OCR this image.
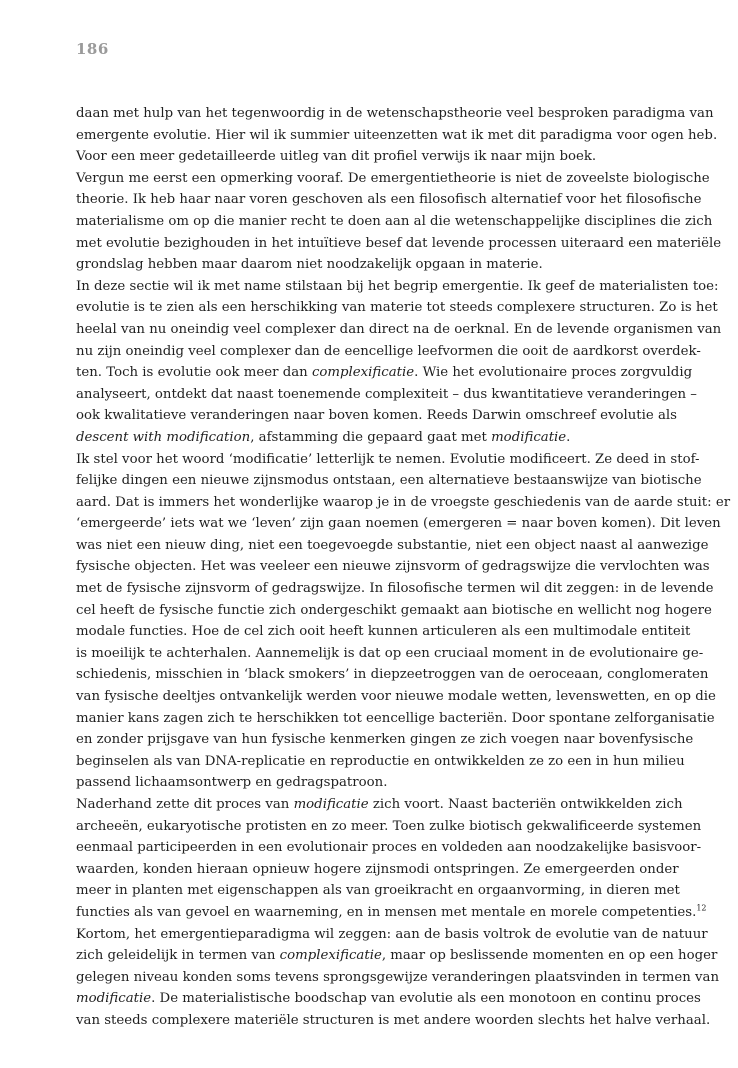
186
daan met hulp van het tegenwoordig in de wetenschapstheorie veel besproken paradigma van
emergente evolutie. Hier wil ik summier uiteenzetten wat ik met dit paradigma voor ogen heb.
Voor een meer gedetailleerde uitleg van dit profiel verwijs ik naar mijn boek.
Vergun me eerst een opmerking vooraf. De emergentietheorie is niet de zoveelste biologische
theorie. Ik heb haar naar voren geschoven als een filosofisch alternatief voor het filosofische
materialisme om op die manier recht te doen aan al die wetenschappelijke disciplines die zich
met evolutie bezighouden in het intuïtieve besef dat levende processen uiteraard een materiële
grondslag hebben maar daarom niet noodzakelijk opgaan in materie.
In deze sectie wil ik met name stilstaan bij het begrip emergentie. Ik geef de materialisten toe:
evolutie is te zien als een herschikking van materie tot steeds complexere structuren. Zo is het
heelal van nu oneindig veel complexer dan direct na de oerknal. En de levende organismen van
nu zijn oneindig veel complexer dan de eencellige leefvormen die ooit de aardkorst overdek-
ten. Toch is evolutie ook meer dan complexificatie. Wie het evolutionaire proces zorgvuldig
analyseert, ontdekt dat naast toenemende complexiteit – dus kwantitatieve veranderingen –
ook kwalitatieve veranderingen naar boven komen. Reeds Darwin omschreef evolutie als
descent with modification, afstamming die gepaard gaat met modificatie.
Ik stel voor het woord ‘modificatie’ letterlijk te nemen. Evolutie modificeert. Ze deed in stof-
felijke dingen een nieuwe zijnsmodus ontstaan, een alternatieve bestaanswijze van biotische
aard. Dat is immers het wonderlijke waarop je in de vroegste geschiedenis van de aarde stuit: er
‘emergeerde’ iets wat we ‘leven’ zijn gaan noemen (emergeren = naar boven komen). Dit leven
was niet een nieuw ding, niet een toegevoegde substantie, niet een object naast al aanwezige
fysische objecten. Het was veeleer een nieuwe zijnsvorm of gedragswijze die vervlochten was
met de fysische zijnsvorm of gedragswijze. In filosofische termen wil dit zeggen: in de levende
cel heeft de fysische functie zich ondergeschikt gemaakt aan biotische en wellicht nog hogere
modale functies. Hoe de cel zich ooit heeft kunnen articuleren als een multimodale entiteit
is moeilijk te achterhalen. Aannemelijk is dat op een cruciaal moment in de evolutionaire ge-
schiedenis, misschien in ‘black smokers’ in diepzeetroggen van de oeroceaan, conglomeraten
van fysische deeltjes ontvankelijk werden voor nieuwe modale wetten, levenswetten, en op die
manier kans zagen zich te herschikken tot eencellige bacteriën. Door spontane zelforganisatie
en zonder prijsgave van hun fysische kenmerken gingen ze zich voegen naar bovenfysische
beginselen als van DNA-replicatie en reproductie en ontwikkelden ze zo een in hun milieu
passend lichaamsontwerp en gedragspatroon.
Naderhand zette dit proces van modificatie zich voort. Naast bacteriën ontwikkelden zich
archeeën, eukaryotische protisten en zo meer. Toen zulke biotisch gekwalificeerde systemen
eenmaal participeerden in een evolutionair proces en voldeden aan noodzakelijke basisvoor-
waarden, konden hieraan opnieuw hogere zijnsmodi ontspringen. Ze emergeerden onder
meer in planten met eigenschappen als van groeikracht en orgaanvorming, in dieren met
functies als van gevoel en waarneming, en in mensen met mentale en morele competenties.$^{12}$
Kortom, het emergentieparadigma wil zeggen: aan de basis voltrok de evolutie van de natuur
zich geleidelijk in termen van complexificatie, maar op beslissende momenten en op een hoger
gelegen niveau konden soms tevens sprongsgewijze veranderingen plaatsvinden in termen van
modificatie. De materialistische boodschap van evolutie als een monotoon en continu proces
van steeds complexere materiële structuren is met andere woorden slechts het halve verhaal.
